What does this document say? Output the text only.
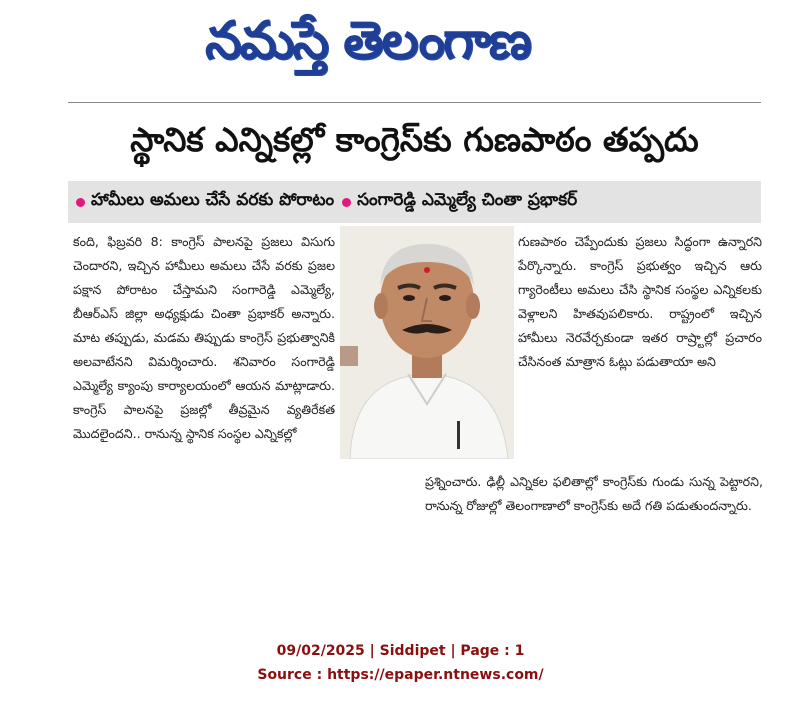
నమస్తే తెలంగాణ
స్థానిక ఎన్నికల్లో కాంగ్రెస్‌కు గుణపాఠం తప్పదు
హామీలు అమలు చేసే వరకు పోరాటం సంగారెడ్డి ఎమ్మెల్యే చింతా ప్రభాకర్

కంది, ఫిబ్రవరి 8: కాంగ్రెస్ పాలనపై ప్రజలు విసుగు చెందారని, ఇచ్చిన హామీలు అమలు చేసే వరకు ప్రజల పక్షాన పోరాటం చేస్తామని సంగారెడ్డి ఎమ్మెల్యే, బీఆర్ఎస్ జిల్లా అధ్యక్షుడు చింతా ప్రభాకర్ అన్నారు. మాట తప్పుడు, మడమ తిప్పుడు కాంగ్రెస్ ప్రభుత్వానికి అలవాటేనని విమర్శించారు. శనివారం సంగారెడ్డి ఎమ్మెల్యే క్యాంపు కార్యాలయంలో ఆయన మాట్లాడారు. కాంగ్రెస్ పాలనపై ప్రజల్లో తీవ్రమైన వ్యతిరేకత మొదలైందని.. రానున్న స్థానిక సంస్థల ఎన్నికల్లో

గుణపాఠం చెప్పేందుకు ప్రజలు సిద్ధంగా ఉన్నారని పేర్కొన్నారు. కాంగ్రెస్ ప్రభుత్వం ఇచ్చిన ఆరు గ్యారెంటీలు అమలు చేసి స్థానిక సంస్థల ఎన్నికలకు వెళ్లాలని హితవుపలికారు. రాష్ట్రంలో ఇచ్చిన హామీలు నెరవేర్చకుండా ఇతర రాష్ర్టాల్లో ప్రచారం చేసినంత మాత్రాన ఓట్లు పడుతాయా అని

ప్రశ్నించారు. ఢిల్లీ ఎన్నికల ఫలితాల్లో కాంగ్రెస్‌కు గుండు సున్న పెట్టారని, రానున్న రోజుల్లో తెలంగాణాలో కాంగ్రెస్‌కు అదే గతి పడుతుందన్నారు.

09/02/2025 | Siddipet | Page : 1
Source : https://epaper.ntnews.com/
